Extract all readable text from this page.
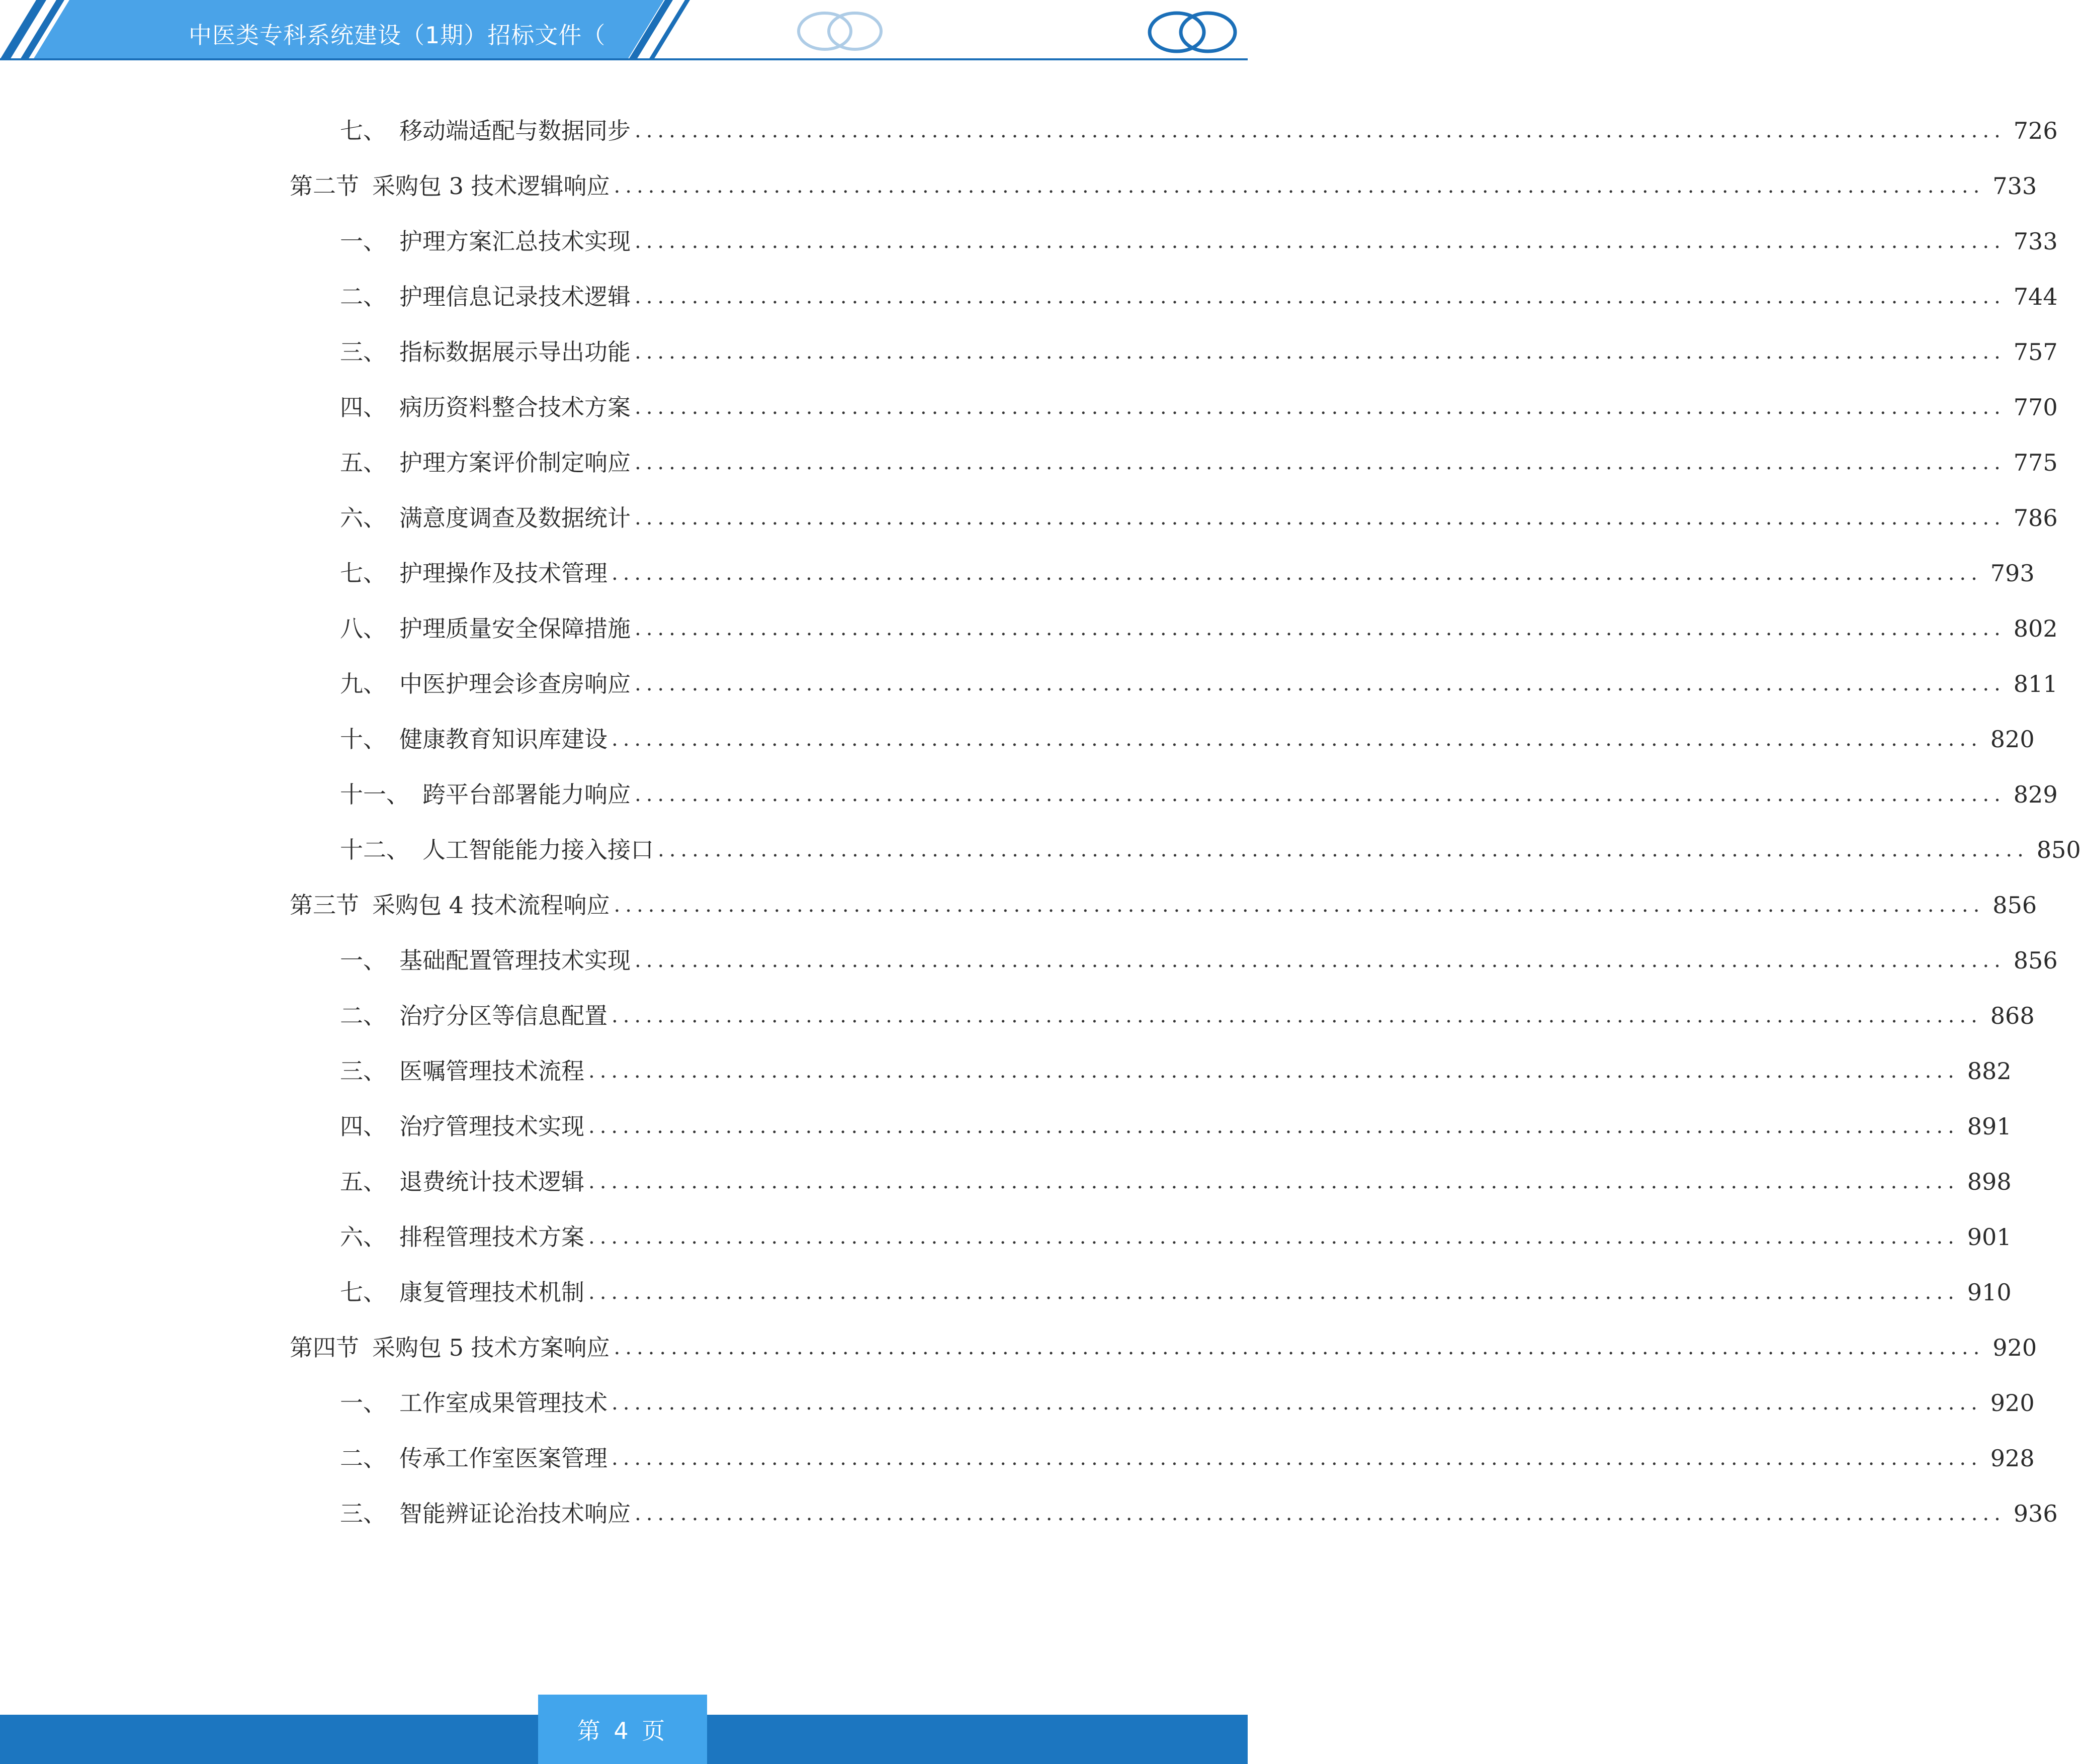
中医类专科系统建设（1期）招标文件（
七、 移动端适配与数据同步 ........................................................................................................................ 726
第二节 采购包 3 技术逻辑响应 ........................................................................................................................ 733
一、 护理方案汇总技术实现 ........................................................................................................................ 733
二、 护理信息记录技术逻辑 ........................................................................................................................ 744
三、 指标数据展示导出功能 ........................................................................................................................ 757
四、 病历资料整合技术方案 ........................................................................................................................ 770
五、 护理方案评价制定响应 ........................................................................................................................ 775
六、 满意度调查及数据统计 ........................................................................................................................ 786
七、 护理操作及技术管理 ........................................................................................................................ 793
八、 护理质量安全保障措施 ........................................................................................................................ 802
九、 中医护理会诊查房响应 ........................................................................................................................ 811
十、 健康教育知识库建设 ........................................................................................................................ 820
十一、 跨平台部署能力响应 ........................................................................................................................ 829
十二、 人工智能能力接入接口 ........................................................................................................................ 850
第三节 采购包 4 技术流程响应 ........................................................................................................................ 856
一、 基础配置管理技术实现 ........................................................................................................................ 856
二、 治疗分区等信息配置 ........................................................................................................................ 868
三、 医嘱管理技术流程 ........................................................................................................................ 882
四、 治疗管理技术实现 ........................................................................................................................ 891
五、 退费统计技术逻辑 ........................................................................................................................ 898
六、 排程管理技术方案 ........................................................................................................................ 901
七、 康复管理技术机制 ........................................................................................................................ 910
第四节 采购包 5 技术方案响应 ........................................................................................................................ 920
一、 工作室成果管理技术 ........................................................................................................................ 920
二、 传承工作室医案管理 ........................................................................................................................ 928
三、 智能辨证论治技术响应 ........................................................................................................................ 936
第 4 页
